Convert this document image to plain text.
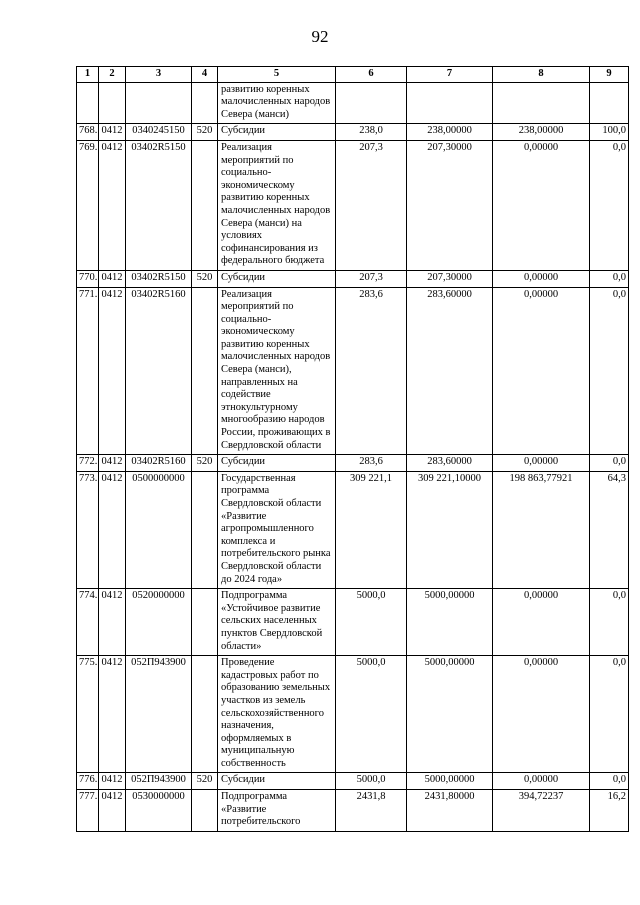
92
1	2	3	4	5	6	7	8	9
				развитию коренных малочисленных народов Севера (манси)				
768.	0412	0340245150	520	Субсидии	238,0	238,00000	238,00000	100,0
769.	0412	03402R5150		Реализация мероприятий по социально-экономическому развитию коренных малочисленных народов Севера (манси) на условиях софинансирования из федерального бюджета	207,3	207,30000	0,00000	0,0
770.	0412	03402R5150	520	Субсидии	207,3	207,30000	0,00000	0,0
771.	0412	03402R5160		Реализация мероприятий по социально-экономическому развитию коренных малочисленных народов Севера (манси), направленных на содействие этнокультурному многообразию народов России, проживающих в Свердловской области	283,6	283,60000	0,00000	0,0
772.	0412	03402R5160	520	Субсидии	283,6	283,60000	0,00000	0,0
773.	0412	0500000000		Государственная программа Свердловской области «Развитие агропромышленного комплекса и потребительского рынка Свердловской области до 2024 года»	309 221,1	309 221,10000	198 863,77921	64,3
774.	0412	0520000000		Подпрограмма «Устойчивое развитие сельских населенных пунктов Свердловской области»	5000,0	5000,00000	0,00000	0,0
775.	0412	052П943900		Проведение кадастровых работ по образованию земельных участков из земель сельскохозяйственного назначения, оформляемых в муниципальную собственность	5000,0	5000,00000	0,00000	0,0
776.	0412	052П943900	520	Субсидии	5000,0	5000,00000	0,00000	0,0
777.	0412	0530000000		Подпрограмма «Развитие потребительского	2431,8	2431,80000	394,72237	16,2
